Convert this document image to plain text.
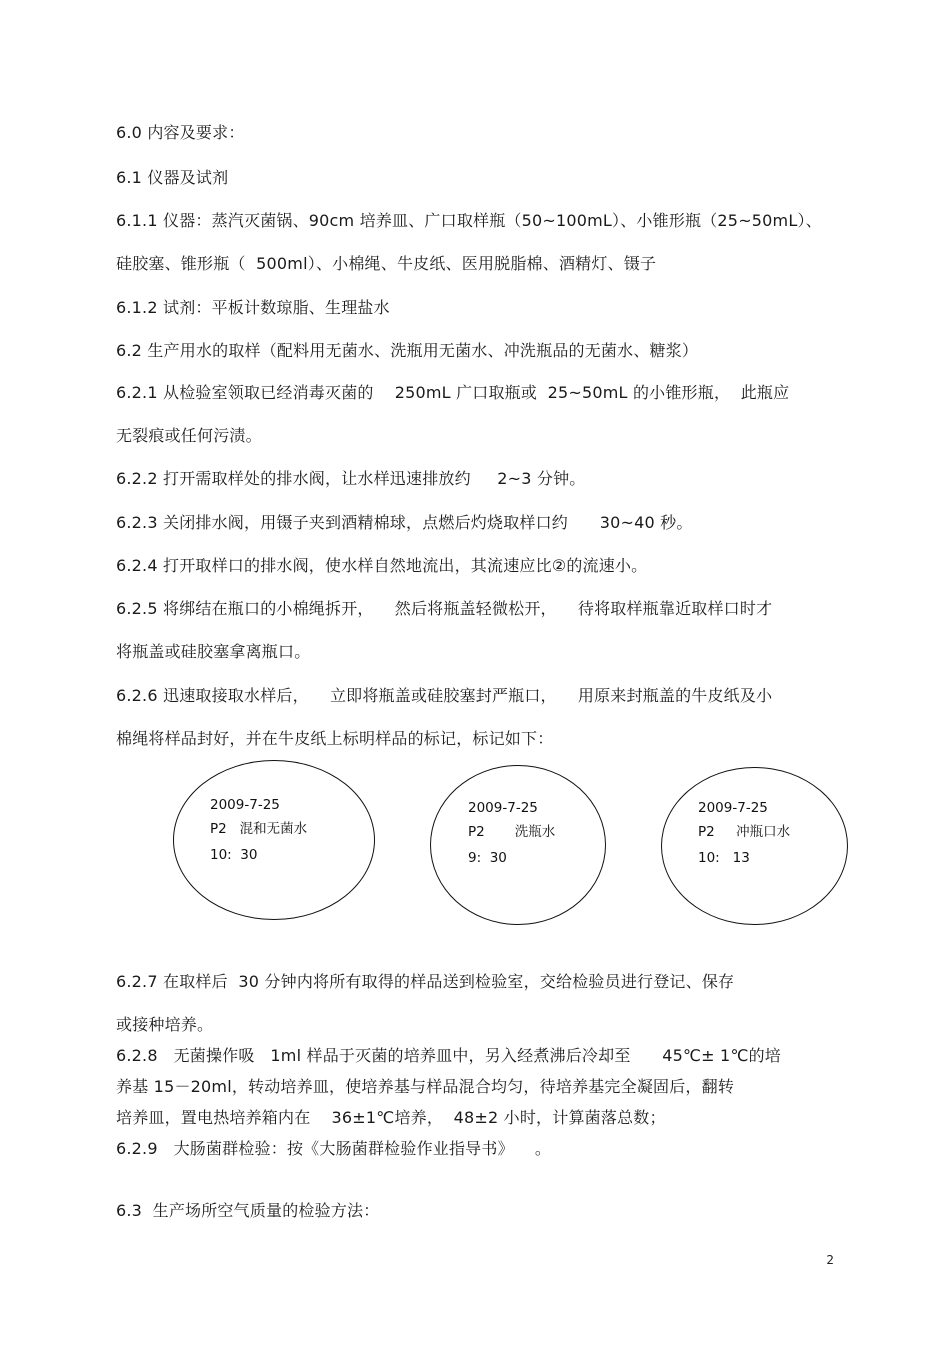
6.0 内容及要求：
6.1 仪器及试剂
6.1.1 仪器：蒸汽灭菌锅、90cm 培养皿、广口取样瓶（50~100mL）、小锥形瓶（25~50mL）、
硅胶塞、锥形瓶（  500ml）、小棉绳、牛皮纸、医用脱脂棉、酒精灯、镊子
6.1.2 试剂：平板计数琼脂、生理盐水
6.2 生产用水的取样（配料用无菌水、洗瓶用无菌水、冲洗瓶品的无菌水、糖浆）
6.2.1 从检验室领取已经消毒灭菌的    250mL 广口取瓶或  25~50mL 的小锥形瓶，  此瓶应
无裂痕或任何污渍。
6.2.2 打开需取样处的排水阀，让水样迅速排放约     2~3 分钟。
6.2.3 关闭排水阀，用镊子夹到酒精棉球，点燃后灼烧取样口约      30~40 秒。
6.2.4 打开取样口的排水阀，使水样自然地流出，其流速应比②的流速小。
6.2.5 将绑结在瓶口的小棉绳拆开，    然后将瓶盖轻微松开，    待将取样瓶靠近取样口时才
将瓶盖或硅胶塞拿离瓶口。
6.2.6 迅速取接取水样后，    立即将瓶盖或硅胶塞封严瓶口，    用原来封瓶盖的牛皮纸及小
棉绳将样品封好，并在牛皮纸上标明样品的标记，标记如下：
2009-7-25
P2   混和无菌水
10:  30
2009-7-25
P2       洗瓶水
9:  30
2009-7-25
P2     冲瓶口水
10:   13
6.2.7 在取样后  30 分钟内将所有取得的样品送到检验室，交给检验员进行登记、保存
或接种培养。
6.2.8   无菌操作吸   1ml 样品于灭菌的培养皿中，另入经煮沸后冷却至      45℃± 1℃的培
养基 15－20ml，转动培养皿，使培养基与样品混合均匀，待培养基完全凝固后，翻转
培养皿，置电热培养箱内在    36±1℃培养，  48±2 小时，计算菌落总数；
6.2.9   大肠菌群检验：按《大肠菌群检验作业指导书》    。
6.3  生产场所空气质量的检验方法：
2
